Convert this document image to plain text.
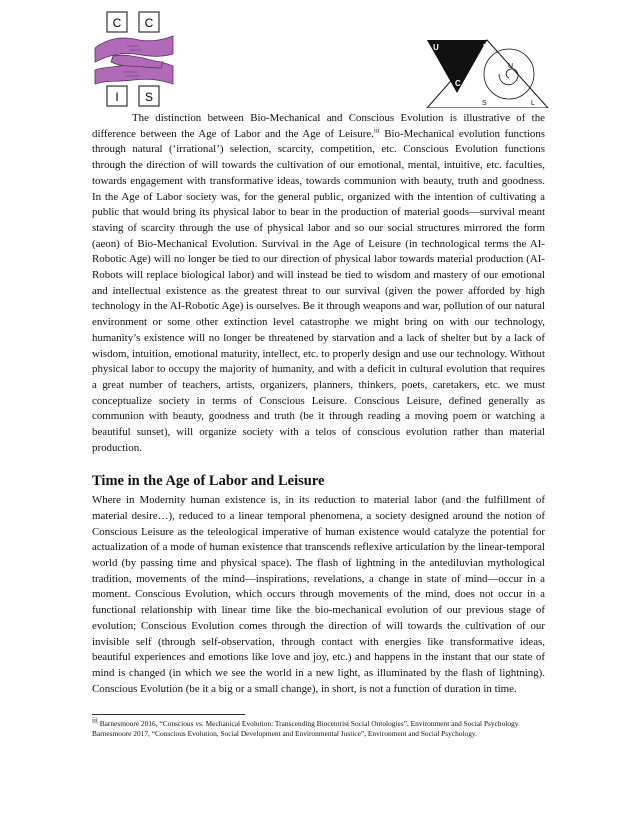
C C
I S
U	B
C
U
S	L

The distinction between Bio-Mechanical and Conscious Evolution is illustrative of the difference between the Age of Labor and the Age of Leisure.$^{iii}$ Bio-Mechanical evolution functions through natural (‘irrational’) selection, scarcity, competition, etc. Conscious Evolution functions through the direction of will towards the cultivation of our emotional, mental, intuitive, etc. faculties, towards engagement with transformative ideas, towards communion with beauty, truth and goodness. In the Age of Labor society was, for the general public, organized with the intention of cultivating a public that would bring its physical labor to bear in the production of material goods—survival meant staving of scarcity through the use of physical labor and so our social structures mirrored the form (aeon) of Bio-Mechanical Evolution. Survival in the Age of Leisure (in technological terms the AI-Robotic Age) will no longer be tied to our direction of physical labor towards material production (AI-Robots will replace biological labor) and will instead be tied to wisdom and mastery of our emotional and intellectual existence as the greatest threat to our survival (given the power afforded by high technology in the AI-Robotic Age) is ourselves. Be it through weapons and war, pollution of our natural environment or some other extinction level catastrophe we might bring on with our technology, humanity’s existence will no longer be threatened by starvation and a lack of shelter but by a lack of wisdom, intuition, emotional maturity, intellect, etc. to properly design and use our technology. Without physical labor to occupy the majority of humanity, and with a deficit in cultural evolution that requires a great number of teachers, artists, organizers, planners, thinkers, poets, caretakers, etc. we must conceptualize society in terms of Conscious Leisure. Conscious Leisure, defined generally as communion with beauty, goodness and truth (be it through reading a moving poem or watching a beautiful sunset), will organize society with a telos of conscious evolution rather than material production.

Time in the Age of Labor and Leisure

Where in Modernity human existence is, in its reduction to material labor (and the fulfillment of material desire…), reduced to a linear temporal phenomena, a society designed around the notion of Conscious Leisure as the teleological imperative of human existence would catalyze the potential for actualization of a mode of human existence that transcends reflexive articulation by the linear-temporal world (by passing time and physical space). The flash of lightning in the antediluvian mythological tradition, movements of the mind—inspirations, revelations, a change in state of mind—occur in a moment. Conscious Evolution, which occurs through movements of the mind, does not occur in a functional relationship with linear time like the bio-mechanical evolution of our previous stage of evolution; Conscious Evolution comes through the direction of will towards the cultivation of our invisible self (through self-observation, through contact with energies like transformative ideas, beautiful experiences and emotions like love and joy, etc.) and happens in the instant that our state of mind is changed (in which we see the world in a new light, as illuminated by the flash of lightning). Conscious Evolution (be it a big or a small change), in short, is not a function of duration in time.

$^{iii}$ Barnesmoore 2016, “Conscious vs. Mechanical Evolution: Transcending Biocentrist Social Ontologies”, Environment and Social Psychology.

Barnesmoore 2017, “Conscious Evolution, Social Development and Environmental Justice”, Environment and Social Psychology.
